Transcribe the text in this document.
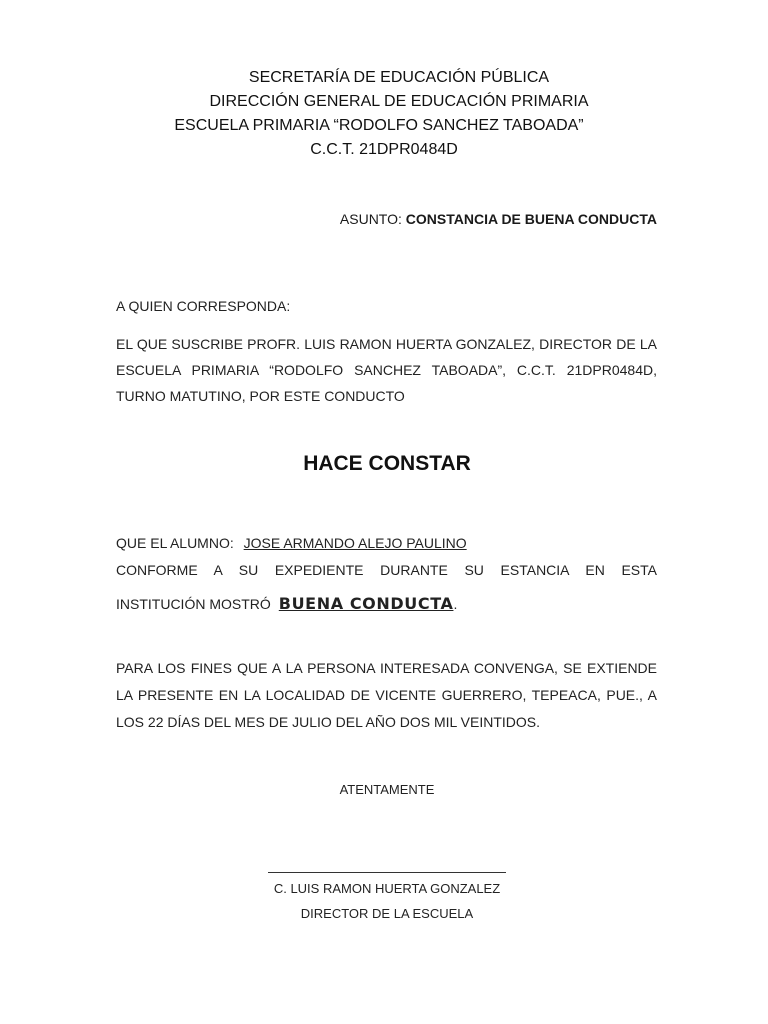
SECRETARÍA DE EDUCACIÓN PÚBLICA
DIRECCIÓN GENERAL DE EDUCACIÓN PRIMARIA
ESCUELA PRIMARIA “RODOLFO SANCHEZ TABOADA”
C.C.T. 21DPR0484D
ASUNTO: CONSTANCIA DE BUENA CONDUCTA
A QUIEN CORRESPONDA:
EL QUE SUSCRIBE PROFR. LUIS RAMON HUERTA GONZALEZ, DIRECTOR DE LA ESCUELA PRIMARIA “RODOLFO SANCHEZ TABOADA”, C.C.T. 21DPR0484D, TURNO MATUTINO, POR ESTE CONDUCTO
HACE CONSTAR
QUE EL ALUMNO: JOSE ARMANDO ALEJO PAULINO
CONFORME A SU EXPEDIENTE DURANTE SU ESTANCIA EN ESTA
INSTITUCIÓN MOSTRÓ BUENA CONDUCTA.
PARA LOS FINES QUE A LA PERSONA INTERESADA CONVENGA, SE EXTIENDE LA PRESENTE EN LA LOCALIDAD DE VICENTE GUERRERO, TEPEACA, PUE., A LOS 22 DÍAS DEL MES DE JULIO DEL AÑO DOS MIL VEINTIDOS.
ATENTAMENTE
C. LUIS RAMON HUERTA GONZALEZ
DIRECTOR DE LA ESCUELA
